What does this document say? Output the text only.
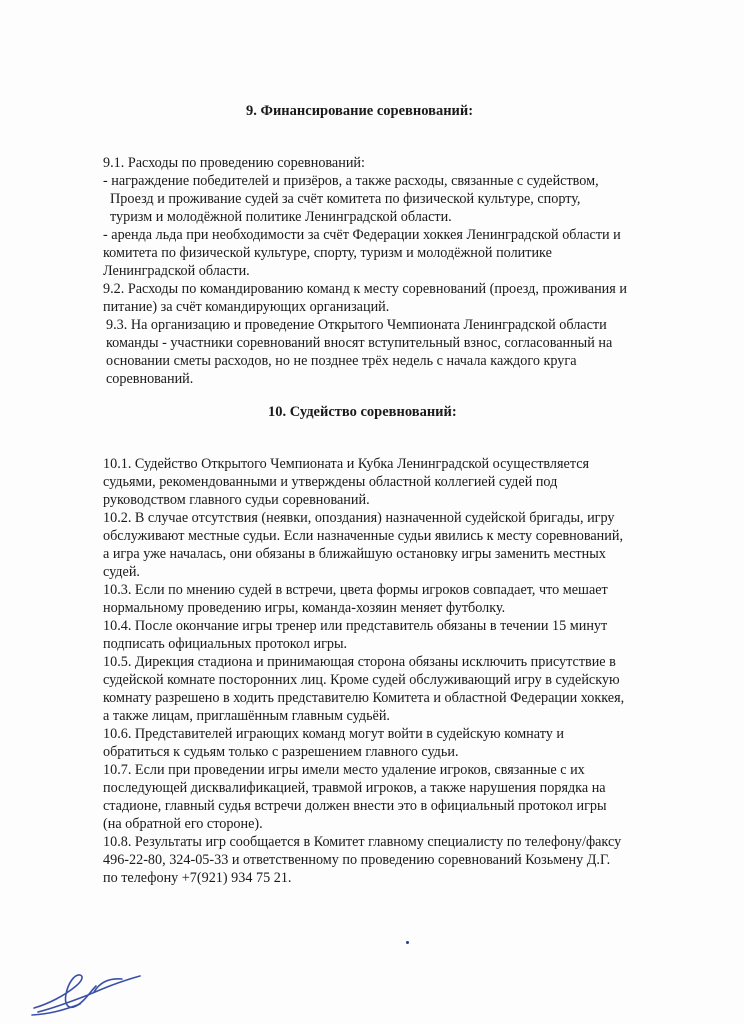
9. Финансирование соревнований:
9.1. Расходы по проведению соревнований:
- награждение победителей и призёров, а также расходы, связанные с судейством,
Проезд и проживание судей за счёт комитета по физической культуре, спорту,
туризм и молодёжной политике Ленинградской области.
- аренда льда при необходимости за счёт Федерации хоккея Ленинградской области и
комитета по физической культуре, спорту, туризм и молодёжной политике
Ленинградской области.
9.2. Расходы по командированию команд к месту соревнований (проезд, проживания и
питание) за счёт командирующих организаций.
9.3. На организацию и проведение Открытого Чемпионата Ленинградской области
команды - участники соревнований вносят вступительный взнос, согласованный на
основании сметы расходов, но не позднее трёх недель с начала каждого круга
соревнований.
10. Судейство соревнований:
10.1. Судейство Открытого Чемпионата и Кубка Ленинградской осуществляется
судьями, рекомендованными и утверждены областной коллегией судей под
руководством главного судьи соревнований.
10.2. В случае отсутствия (неявки, опоздания) назначенной судейской бригады, игру
обслуживают местные судьи. Если назначенные судьи явились к месту соревнований,
а игра уже началась, они обязаны в ближайшую остановку игры заменить местных
судей.
10.3. Если по мнению судей в встречи, цвета формы игроков совпадает, что мешает
нормальному проведению игры, команда-хозяин меняет футболку.
10.4. После окончание игры тренер или представитель обязаны в течении 15 минут
подписать официальных протокол игры.
10.5. Дирекция стадиона и принимающая сторона обязаны исключить присутствие в
судейской комнате посторонних лиц. Кроме судей обслуживающий игру в судейскую
комнату разрешено в ходить представителю Комитета и областной Федерации хоккея,
а также лицам, приглашённым главным судьёй.
10.6. Представителей играющих команд могут войти в судейскую комнату и
обратиться к судьям только с разрешением главного судьи.
10.7. Если при проведении игры имели место удаление игроков, связанные с их
последующей дисквалификацией, травмой игроков, а также нарушения порядка на
стадионе, главный судья встречи должен внести это в официальный протокол игры
(на обратной его стороне).
10.8. Результаты игр сообщается в Комитет главному специалисту по телефону/факсу
496-22-80, 324-05-33 и ответственному по проведению соревнований Козьмену Д.Г.
по телефону +7(921) 934 75 21.
